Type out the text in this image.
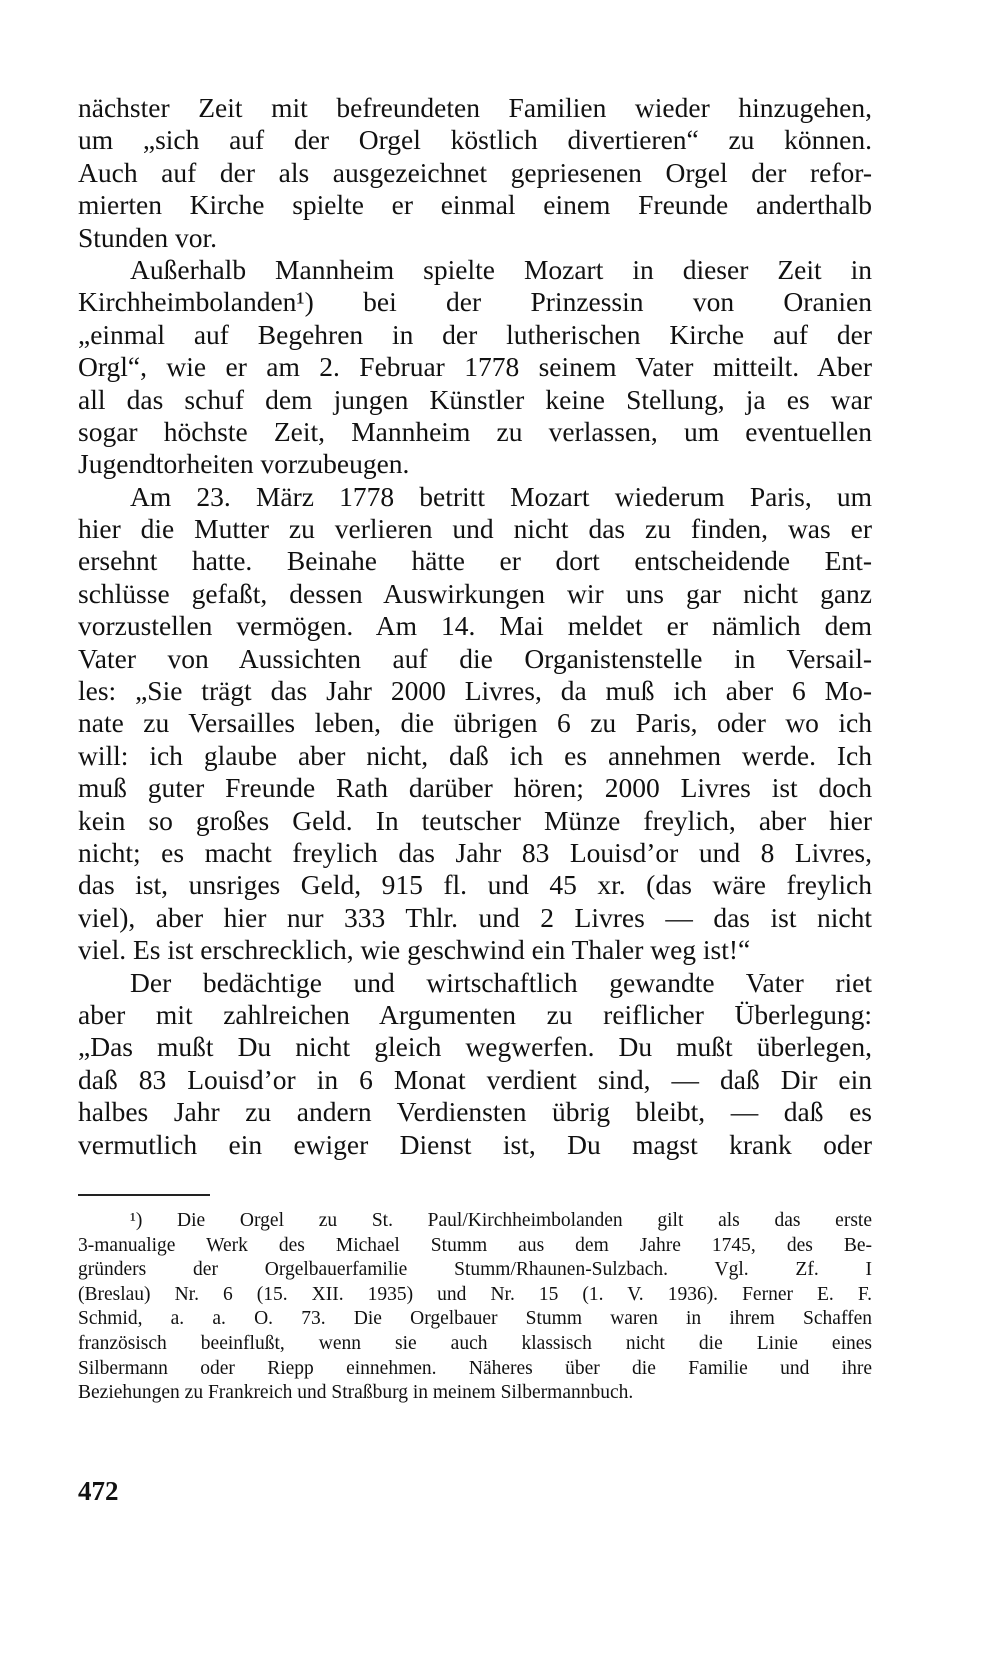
nächster Zeit mit befreundeten Familien wieder hinzugehen,
um „sich auf der Orgel köstlich divertieren“ zu können.
Auch auf der als ausgezeichnet gepriesenen Orgel der refor-
mierten Kirche spielte er einmal einem Freunde anderthalb
Stunden vor.
Außerhalb Mannheim spielte Mozart in dieser Zeit in
Kirchheimbolanden¹) bei der Prinzessin von Oranien
„einmal auf Begehren in der lutherischen Kirche auf der
Orgl“, wie er am 2. Februar 1778 seinem Vater mitteilt. Aber
all das schuf dem jungen Künstler keine Stellung, ja es war
sogar höchste Zeit, Mannheim zu verlassen, um eventuellen
Jugendtorheiten vorzubeugen.
Am 23. März 1778 betritt Mozart wiederum Paris, um
hier die Mutter zu verlieren und nicht das zu finden, was er
ersehnt hatte. Beinahe hätte er dort entscheidende Ent-
schlüsse gefaßt, dessen Auswirkungen wir uns gar nicht ganz
vorzustellen vermögen. Am 14. Mai meldet er nämlich dem
Vater von Aussichten auf die Organistenstelle in Versail-
les: „Sie trägt das Jahr 2000 Livres, da muß ich aber 6 Mo-
nate zu Versailles leben, die übrigen 6 zu Paris, oder wo ich
will: ich glaube aber nicht, daß ich es annehmen werde. Ich
muß guter Freunde Rath darüber hören; 2000 Livres ist doch
kein so großes Geld. In teutscher Münze freylich, aber hier
nicht; es macht freylich das Jahr 83 Louisd’or und 8 Livres,
das ist, unsriges Geld, 915 fl. und 45 xr. (das wäre freylich
viel), aber hier nur 333 Thlr. und 2 Livres — das ist nicht
viel. Es ist erschrecklich, wie geschwind ein Thaler weg ist!“
Der bedächtige und wirtschaftlich gewandte Vater riet
aber mit zahlreichen Argumenten zu reiflicher Überlegung:
„Das mußt Du nicht gleich wegwerfen. Du mußt überlegen,
daß 83 Louisd’or in 6 Monat verdient sind, — daß Dir ein
halbes Jahr zu andern Verdiensten übrig bleibt, — daß es
vermutlich ein ewiger Dienst ist, Du magst krank oder
¹) Die Orgel zu St. Paul/Kirchheimbolanden gilt als das erste
3-manualige Werk des Michael Stumm aus dem Jahre 1745, des Be-
gründers der Orgelbauerfamilie Stumm/Rhaunen-Sulzbach. Vgl. Zf. I
(Breslau) Nr. 6 (15. XII. 1935) und Nr. 15 (1. V. 1936). Ferner E. F.
Schmid, a. a. O. 73. Die Orgelbauer Stumm waren in ihrem Schaffen
französisch beeinflußt, wenn sie auch klassisch nicht die Linie eines
Silbermann oder Riepp einnehmen. Näheres über die Familie und ihre
Beziehungen zu Frankreich und Straßburg in meinem Silbermannbuch.
472
